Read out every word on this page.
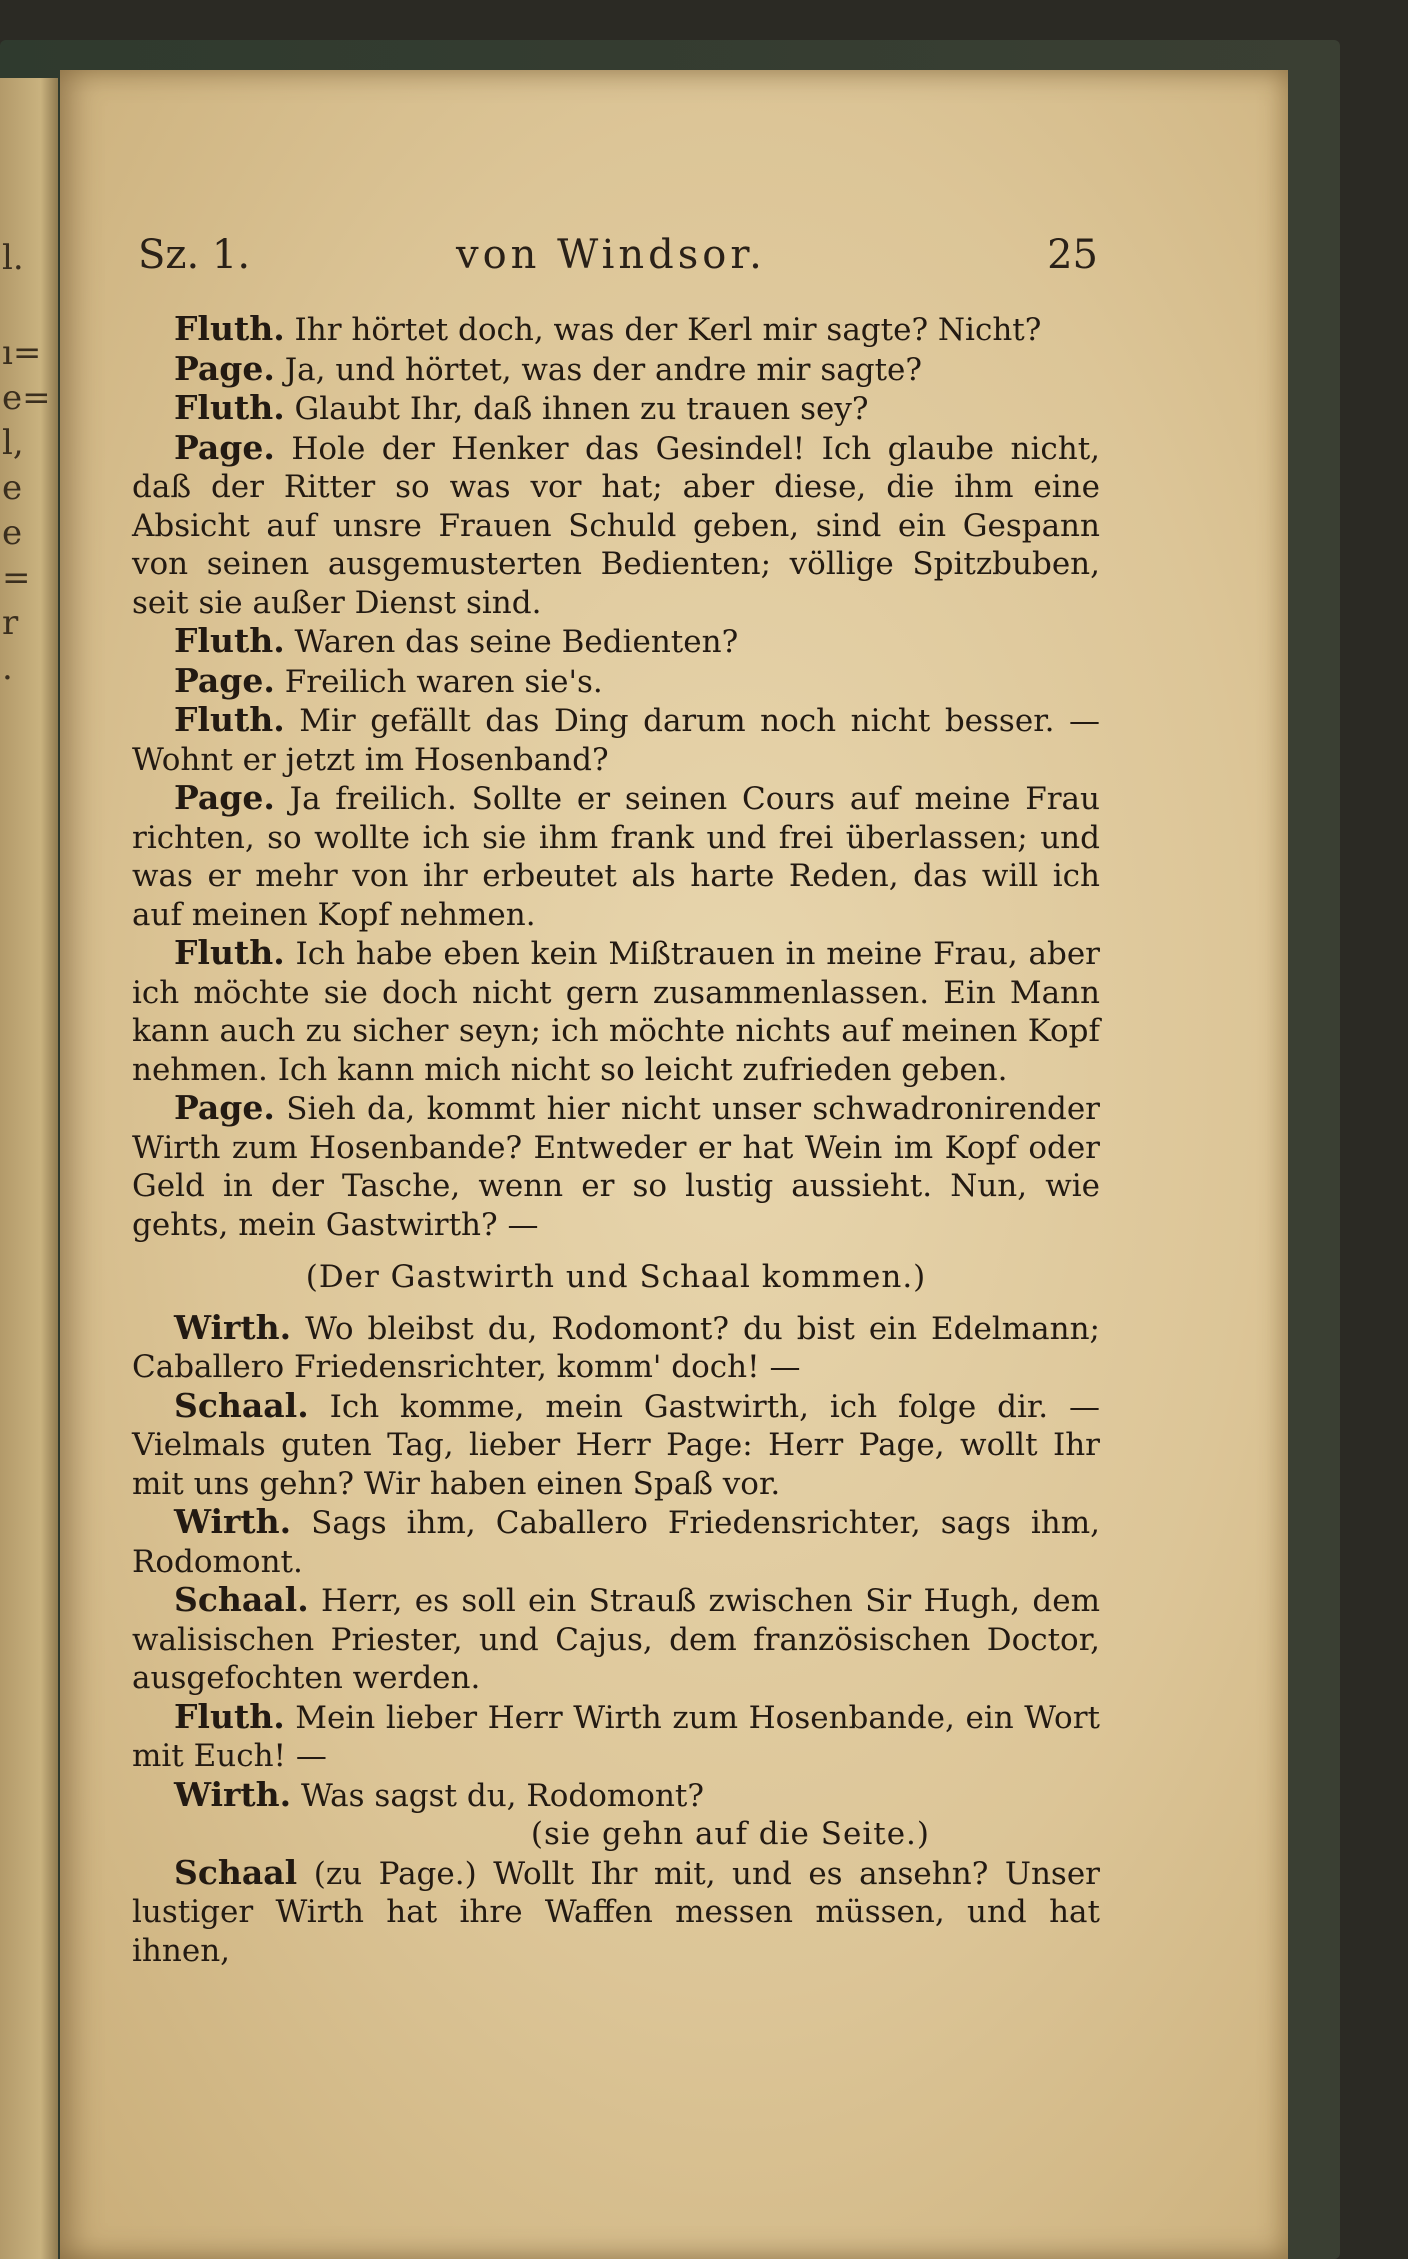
l.
ı=
e=
l,
e
e
=
r
.
Sz. 1.	von Windsor.	25

Fluth. Ihr hörtet doch, was der Kerl mir sagte? Nicht?

Page. Ja, und hörtet, was der andre mir sagte?

Fluth. Glaubt Ihr, daß ihnen zu trauen sey?

Page. Hole der Henker das Gesindel! Ich glaube nicht, daß der Ritter so was vor hat; aber diese, die ihm eine Absicht auf unsre Frauen Schuld geben, sind ein Gespann von seinen ausgemusterten Bedienten; völlige Spitzbuben, seit sie außer Dienst sind.

Fluth. Waren das seine Bedienten?

Page. Freilich waren sie's.

Fluth. Mir gefällt das Ding darum noch nicht besser. — Wohnt er jetzt im Hosenband?

Page. Ja freilich. Sollte er seinen Cours auf meine Frau richten, so wollte ich sie ihm frank und frei überlassen; und was er mehr von ihr erbeutet als harte Reden, das will ich auf meinen Kopf nehmen.

Fluth. Ich habe eben kein Mißtrauen in meine Frau, aber ich möchte sie doch nicht gern zusammenlassen. Ein Mann kann auch zu sicher seyn; ich möchte nichts auf meinen Kopf nehmen. Ich kann mich nicht so leicht zufrieden geben.

Page. Sieh da, kommt hier nicht unser schwadronirender Wirth zum Hosenbande? Entweder er hat Wein im Kopf oder Geld in der Tasche, wenn er so lustig aussieht. Nun, wie gehts, mein Gastwirth? —

(Der Gastwirth und Schaal kommen.)

Wirth. Wo bleibst du, Rodomont? du bist ein Edelmann; Caballero Friedensrichter, komm' doch! —

Schaal. Ich komme, mein Gastwirth, ich folge dir. — Vielmals guten Tag, lieber Herr Page: Herr Page, wollt Ihr mit uns gehn? Wir haben einen Spaß vor.

Wirth. Sags ihm, Caballero Friedensrichter, sags ihm, Rodomont.

Schaal. Herr, es soll ein Strauß zwischen Sir Hugh, dem walisischen Priester, und Cajus, dem französischen Doctor, ausgefochten werden.

Fluth. Mein lieber Herr Wirth zum Hosenbande, ein Wort mit Euch! —

Wirth. Was sagst du, Rodomont?

(sie gehn auf die Seite.)

Schaal (zu Page.) Wollt Ihr mit, und es ansehn? Unser lustiger Wirth hat ihre Waffen messen müssen, und hat ihnen,
